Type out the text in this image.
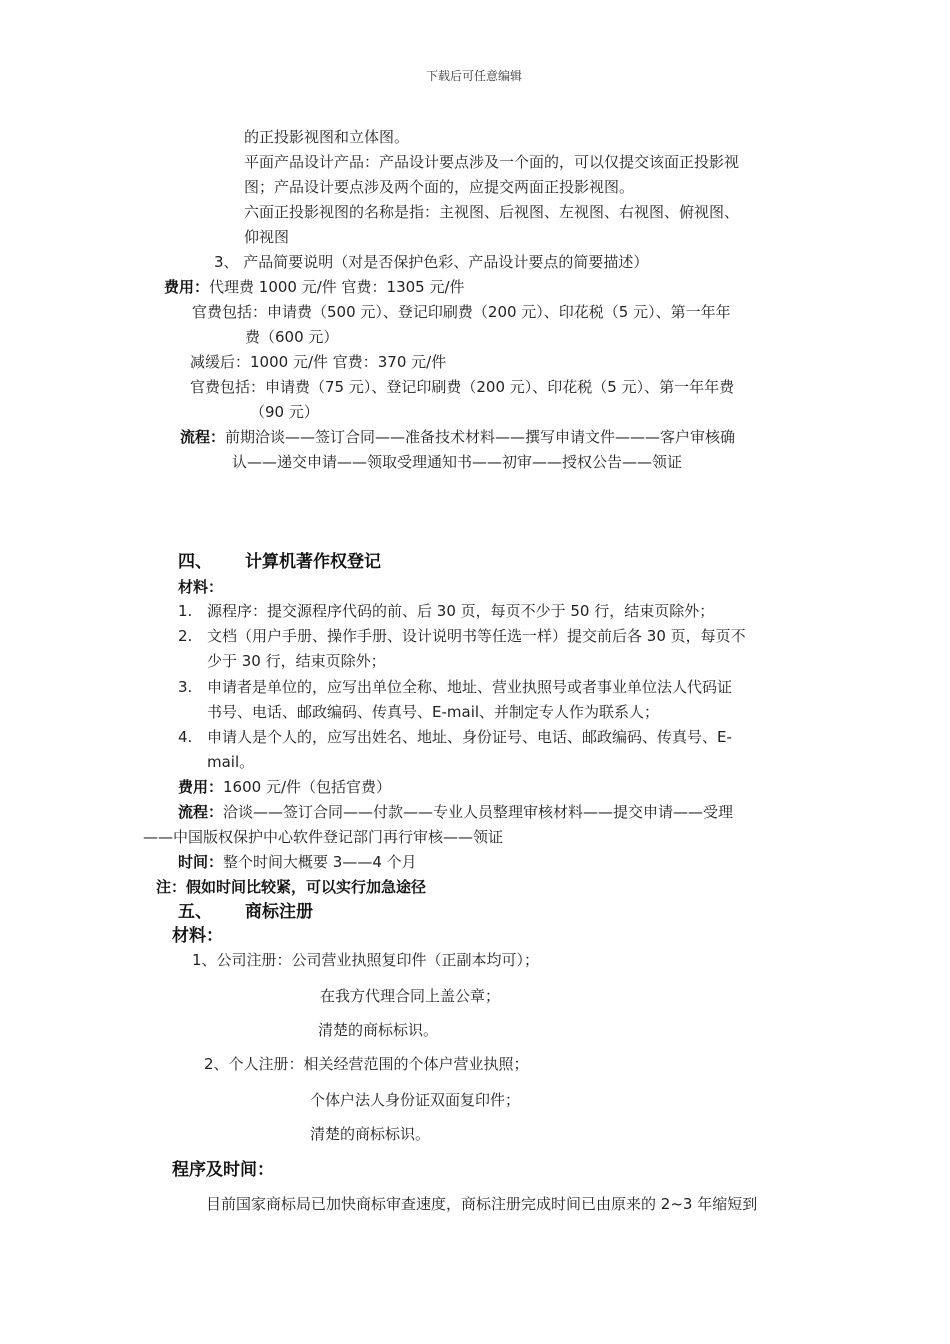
下载后可任意编辑
的正投影视图和立体图。
平面产品设计产品：产品设计要点涉及一个面的，可以仅提交该面正投影视
图；产品设计要点涉及两个面的，应提交两面正投影视图。
六面正投影视图的名称是指：主视图、后视图、左视图、右视图、俯视图、
仰视图
3、 产品简要说明（对是否保护色彩、产品设计要点的简要描述）
费用：代理费 1000 元/件 官费：1305 元/件
官费包括：申请费（500 元）、登记印刷费（200 元）、印花税（5 元）、第一年年
费（600 元）
减缓后：1000 元/件 官费：370 元/件
官费包括：申请费（75 元）、登记印刷费（200 元）、印花税（5 元）、第一年年费
（90 元）
流程：前期洽谈——签订合同——准备技术材料——撰写申请文件———客户审核确
认——递交申请——领取受理通知书——初审——授权公告——领证
四、 计算机著作权登记
材料：
1. 源程序：提交源程序代码的前、后 30 页，每页不少于 50 行，结束页除外；
2. 文档（用户手册、操作手册、设计说明书等任选一样）提交前后各 30 页，每页不
少于 30 行，结束页除外；
3. 申请者是单位的，应写出单位全称、地址、营业执照号或者事业单位法人代码证
书号、电话、邮政编码、传真号、E-mail、并制定专人作为联系人；
4. 申请人是个人的，应写出姓名、地址、身份证号、电话、邮政编码、传真号、E-
mail。
费用：1600 元/件（包括官费）
流程：洽谈——签订合同——付款——专业人员整理审核材料——提交申请——受理
——中国版权保护中心软件登记部门再行审核——领证
时间：整个时间大概要 3——4 个月
注：假如时间比较紧，可以实行加急途径
五、 商标注册
材料：
1、公司注册：公司营业执照复印件（正副本均可）；
在我方代理合同上盖公章；
清楚的商标标识。
2、个人注册：相关经营范围的个体户营业执照；
个体户法人身份证双面复印件；
清楚的商标标识。
程序及时间：
目前国家商标局已加快商标审查速度，商标注册完成时间已由原来的 2~3 年缩短到
